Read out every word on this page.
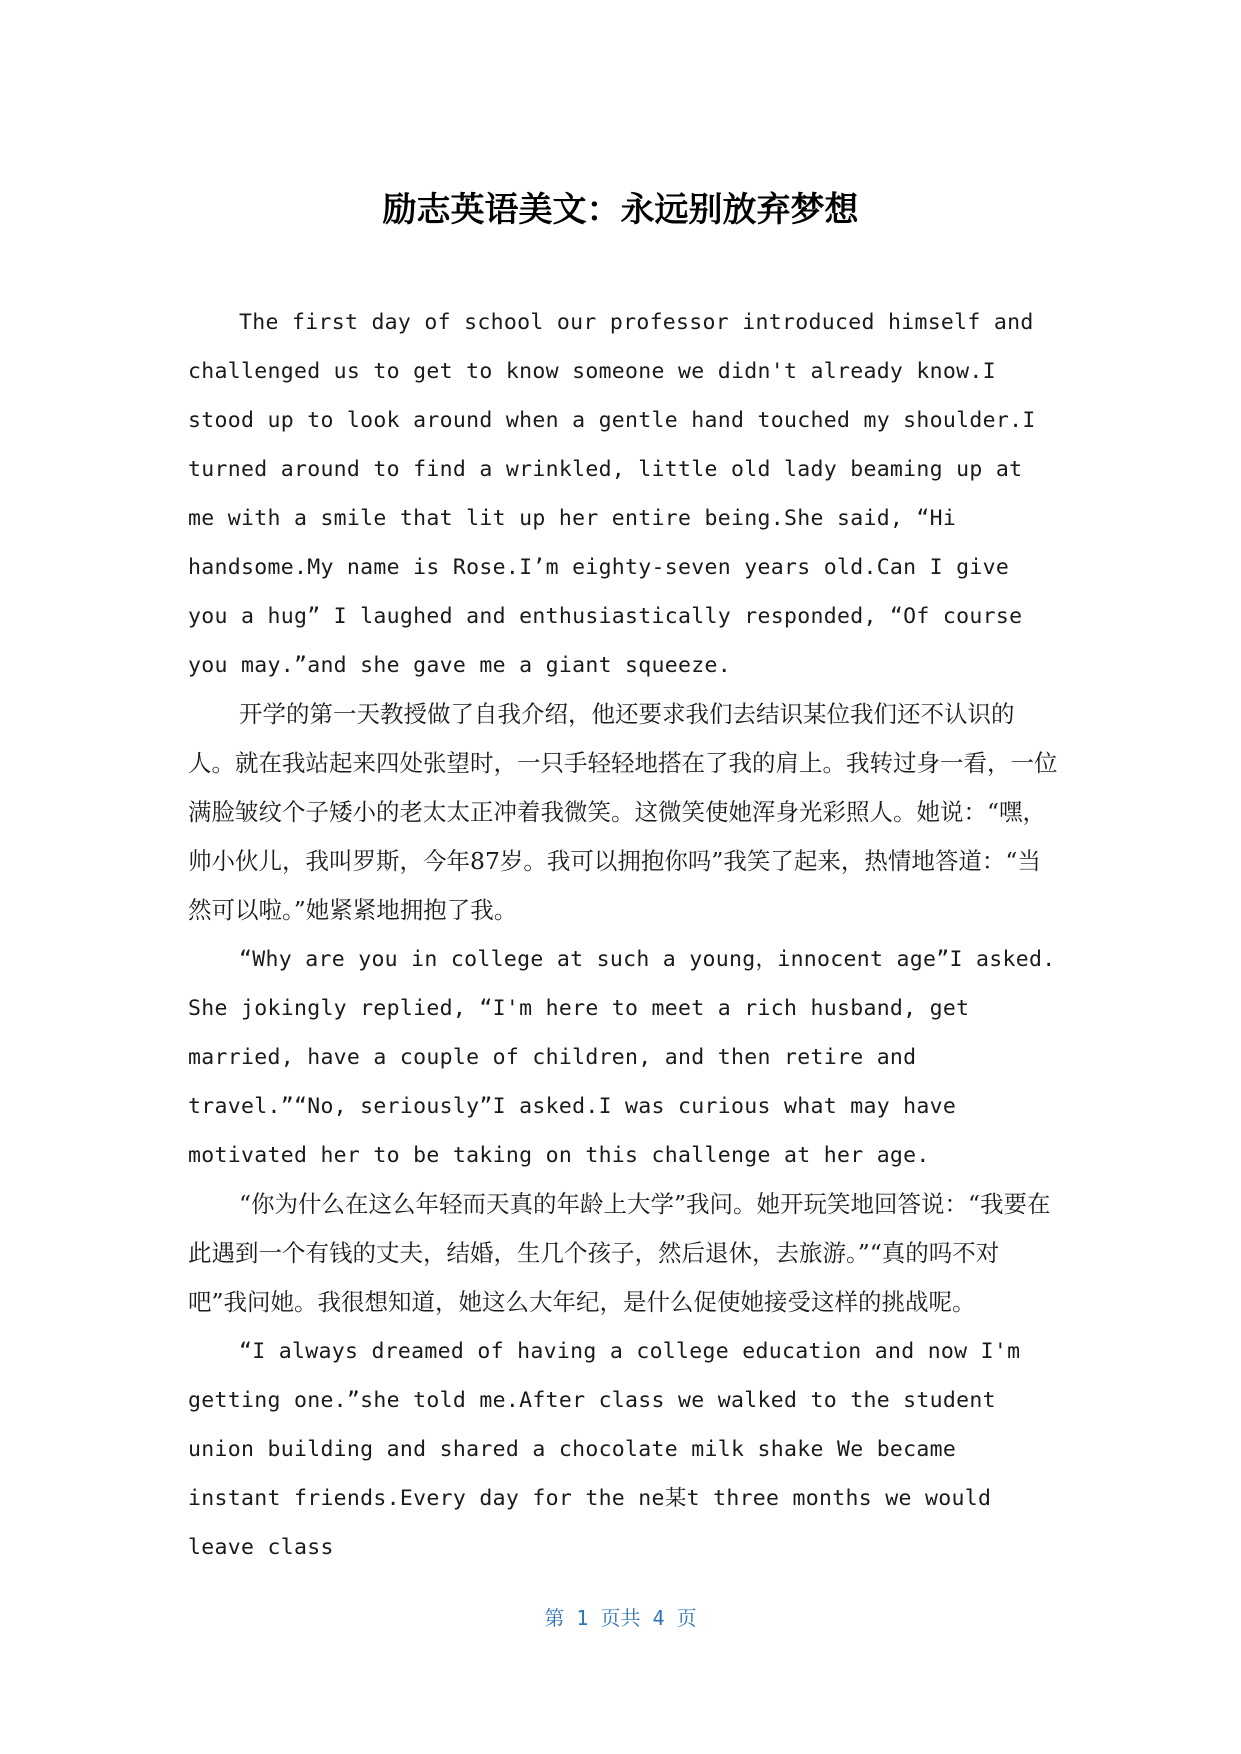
励志英语美文：永远别放弃梦想

The first day of school our professor introduced himself and challenged us to get to know someone we didn't already know.I stood up to look around when a gentle hand touched my shoulder.I turned around to find a wrinkled, little old lady beaming up at me with a smile that lit up her entire being.She said, “Hi handsome.My name is Rose.I’m eighty-seven years old.Can I give you a hug” I laughed and enthusiastically responded, “Of course you may.”and she gave me a giant squeeze.

开学的第一天教授做了自我介绍，他还要求我们去结识某位我们还不认识的人。就在我站起来四处张望时，一只手轻轻地搭在了我的肩上。我转过身一看，一位满脸皱纹个子矮小的老太太正冲着我微笑。这微笑使她浑身光彩照人。她说：“嘿，帅小伙儿，我叫罗斯，今年87岁。我可以拥抱你吗”我笑了起来，热情地答道：“当然可以啦。”她紧紧地拥抱了我。

“Why are you in college at such a young，innocent age”I asked. She jokingly replied, “I'm here to meet a rich husband, get married, have a couple of children, and then retire and travel.”“No, seriously”I asked.I was curious what may have motivated her to be taking on this challenge at her age.

“你为什么在这么年轻而天真的年龄上大学”我问。她开玩笑地回答说：“我要在此遇到一个有钱的丈夫，结婚，生几个孩子，然后退休，去旅游。”“真的吗不对吧”我问她。我很想知道，她这么大年纪，是什么促使她接受这样的挑战呢。

“I always dreamed of having a college education and now I'm getting one.”she told me.After class we walked to the student union building and shared a chocolate milk shake We became instant friends.Every day for the ne某t three months we would leave class

第 1 页共 4 页
